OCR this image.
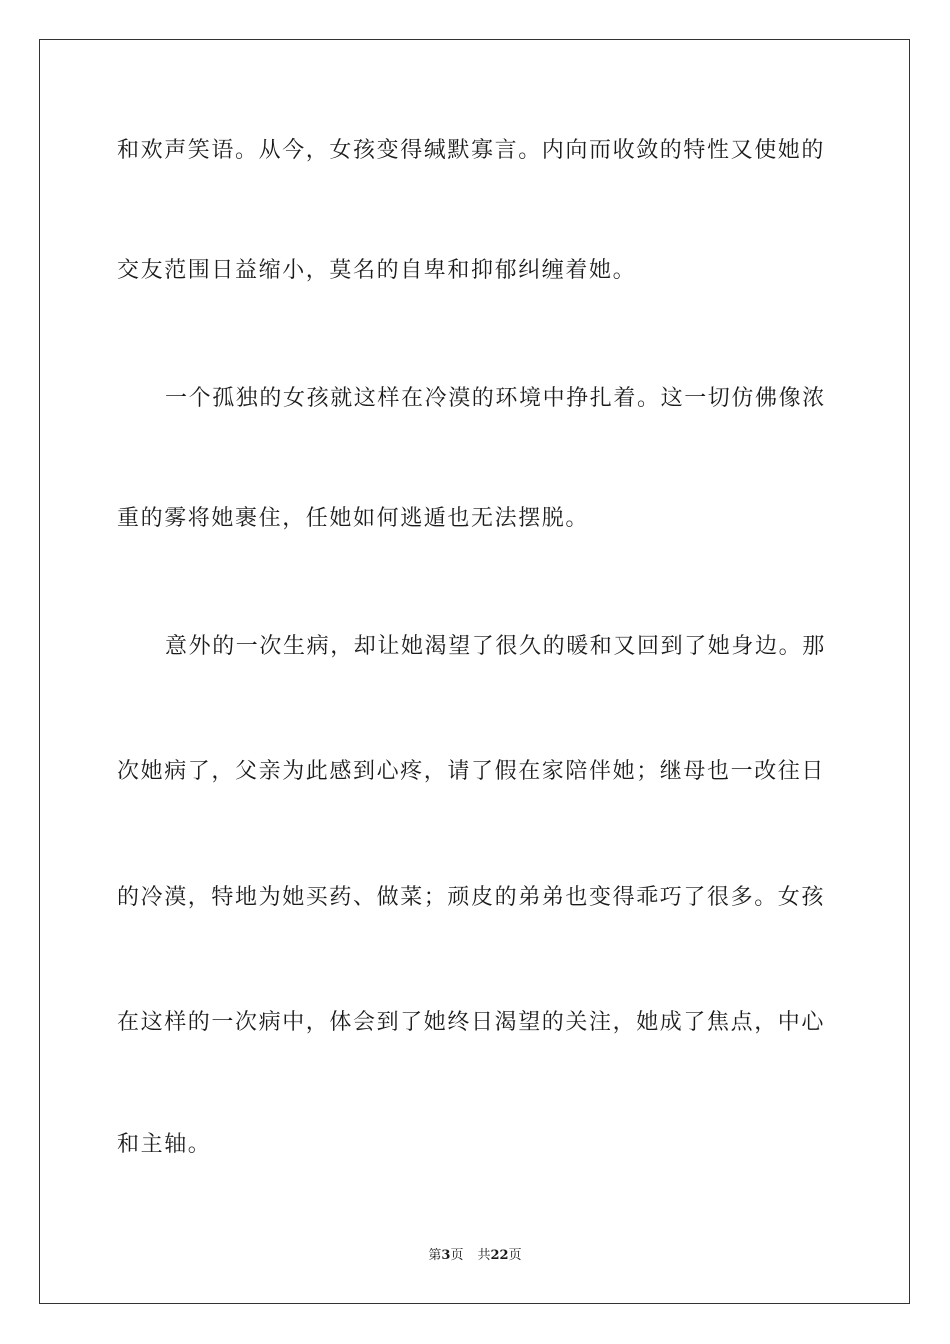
和欢声笑语。从今，女孩变得缄默寡言。内向而收敛的特性又使她的

交友范围日益缩小，莫名的自卑和抑郁纠缠着她。

一个孤独的女孩就这样在冷漠的环境中挣扎着。这一切仿佛像浓

重的雾将她裹住，任她如何逃遁也无法摆脱。

意外的一次生病，却让她渴望了很久的暖和又回到了她身边。那

次她病了，父亲为此感到心疼，请了假在家陪伴她；继母也一改往日

的冷漠，特地为她买药、做菜；顽皮的弟弟也变得乖巧了很多。女孩

在这样的一次病中，体会到了她终日渴望的关注，她成了焦点，中心

和主轴。

第3页 共22页
